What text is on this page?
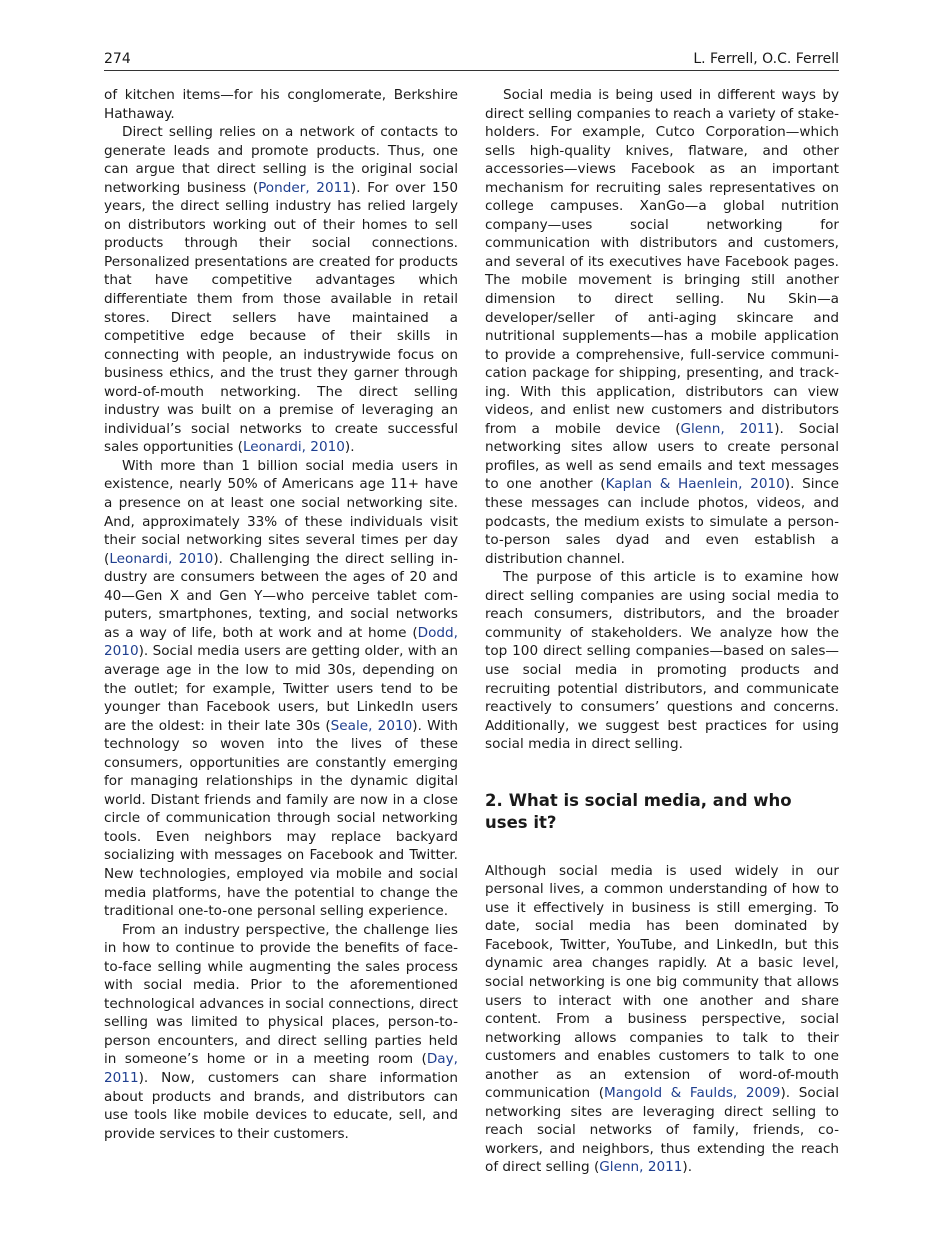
274	L. Ferrell, O.C. Ferrell

of kitchen items—for his conglomerate, Berkshire Hathaway.

Direct selling relies on a network of contacts to generate leads and promote products. Thus, one can argue that direct selling is the original social networking business (Ponder, 2011). For over 150 years, the direct selling industry has relied largely on distributors working out of their homes to sell products through their social connections. Personalized presentations are created for products that have competitive advantages which differentiate them from those available in retail stores. Direct sellers have maintained a competitive edge because of their skills in connecting with people, an industrywide focus on business ethics, and the trust they garner through word-of-mouth networking. The direct selling industry was built on a premise of leveraging an individual’s social networks to create successful sales opportunities (Leonardi, 2010).

With more than 1 billion social media users in existence, nearly 50% of Americans age 11+ have a presence on at least one social networking site. And, approximately 33% of these individuals visit their social networking sites several times per day (Leonardi, 2010). Challenging the direct selling industry are consumers between the ages of 20 and 40—Gen X and Gen Y—who perceive tablet computers, smartphones, texting, and social networks as a way of life, both at work and at home (Dodd, 2010). Social media users are getting older, with an average age in the low to mid 30s, depending on the outlet; for example, Twitter users tend to be younger than Facebook users, but LinkedIn users are the oldest: in their late 30s (Seale, 2010). With technology so woven into the lives of these consumers, opportunities are constantly emerging for managing relationships in the dynamic digital world. Distant friends and family are now in a close circle of communication through social networking tools. Even neighbors may replace backyard socializing with messages on Facebook and Twitter. New technologies, employed via mobile and social media platforms, have the potential to change the traditional one-to-one personal selling experience.

From an industry perspective, the challenge lies in how to continue to provide the benefits of face-to-face selling while augmenting the sales process with social media. Prior to the aforementioned technological advances in social connections, direct selling was limited to physical places, person-to-person encounters, and direct selling parties held in someone’s home or in a meeting room (Day, 2011). Now, customers can share information about products and brands, and distributors can use tools like mobile devices to educate, sell, and provide services to their customers.

Social media is being used in different ways by direct selling companies to reach a variety of stakeholders. For example, Cutco Corporation—which sells high-quality knives, flatware, and other accessories—views Facebook as an important mechanism for recruiting sales representatives on college campuses. XanGo—a global nutrition company—uses social networking for communication with distributors and customers, and several of its executives have Facebook pages. The mobile movement is bringing still another dimension to direct selling. Nu Skin—a developer/seller of anti-aging skincare and nutritional supplements—has a mobile application to provide a comprehensive, full-service communication package for shipping, presenting, and tracking. With this application, distributors can view videos, and enlist new customers and distributors from a mobile device (Glenn, 2011). Social networking sites allow users to create personal profiles, as well as send emails and text messages to one another (Kaplan & Haenlein, 2010). Since these messages can include photos, videos, and podcasts, the medium exists to simulate a person-to-person sales dyad and even establish a distribution channel.

The purpose of this article is to examine how direct selling companies are using social media to reach consumers, distributors, and the broader community of stakeholders. We analyze how the top 100 direct selling companies—based on sales—use social media in promoting products and recruiting potential distributors, and communicate reactively to consumers’ questions and concerns. Additionally, we suggest best practices for using social media in direct selling.

2. What is social media, and who uses it?

Although social media is used widely in our personal lives, a common understanding of how to use it effectively in business is still emerging. To date, social media has been dominated by Facebook, Twitter, YouTube, and LinkedIn, but this dynamic area changes rapidly. At a basic level, social networking is one big community that allows users to interact with one another and share content. From a business perspective, social networking allows companies to talk to their customers and enables customers to talk to one another as an extension of word-of-mouth communication (Mangold & Faulds, 2009). Social networking sites are leveraging direct selling to reach social networks of family, friends, co-workers, and neighbors, thus extending the reach of direct selling (Glenn, 2011).
